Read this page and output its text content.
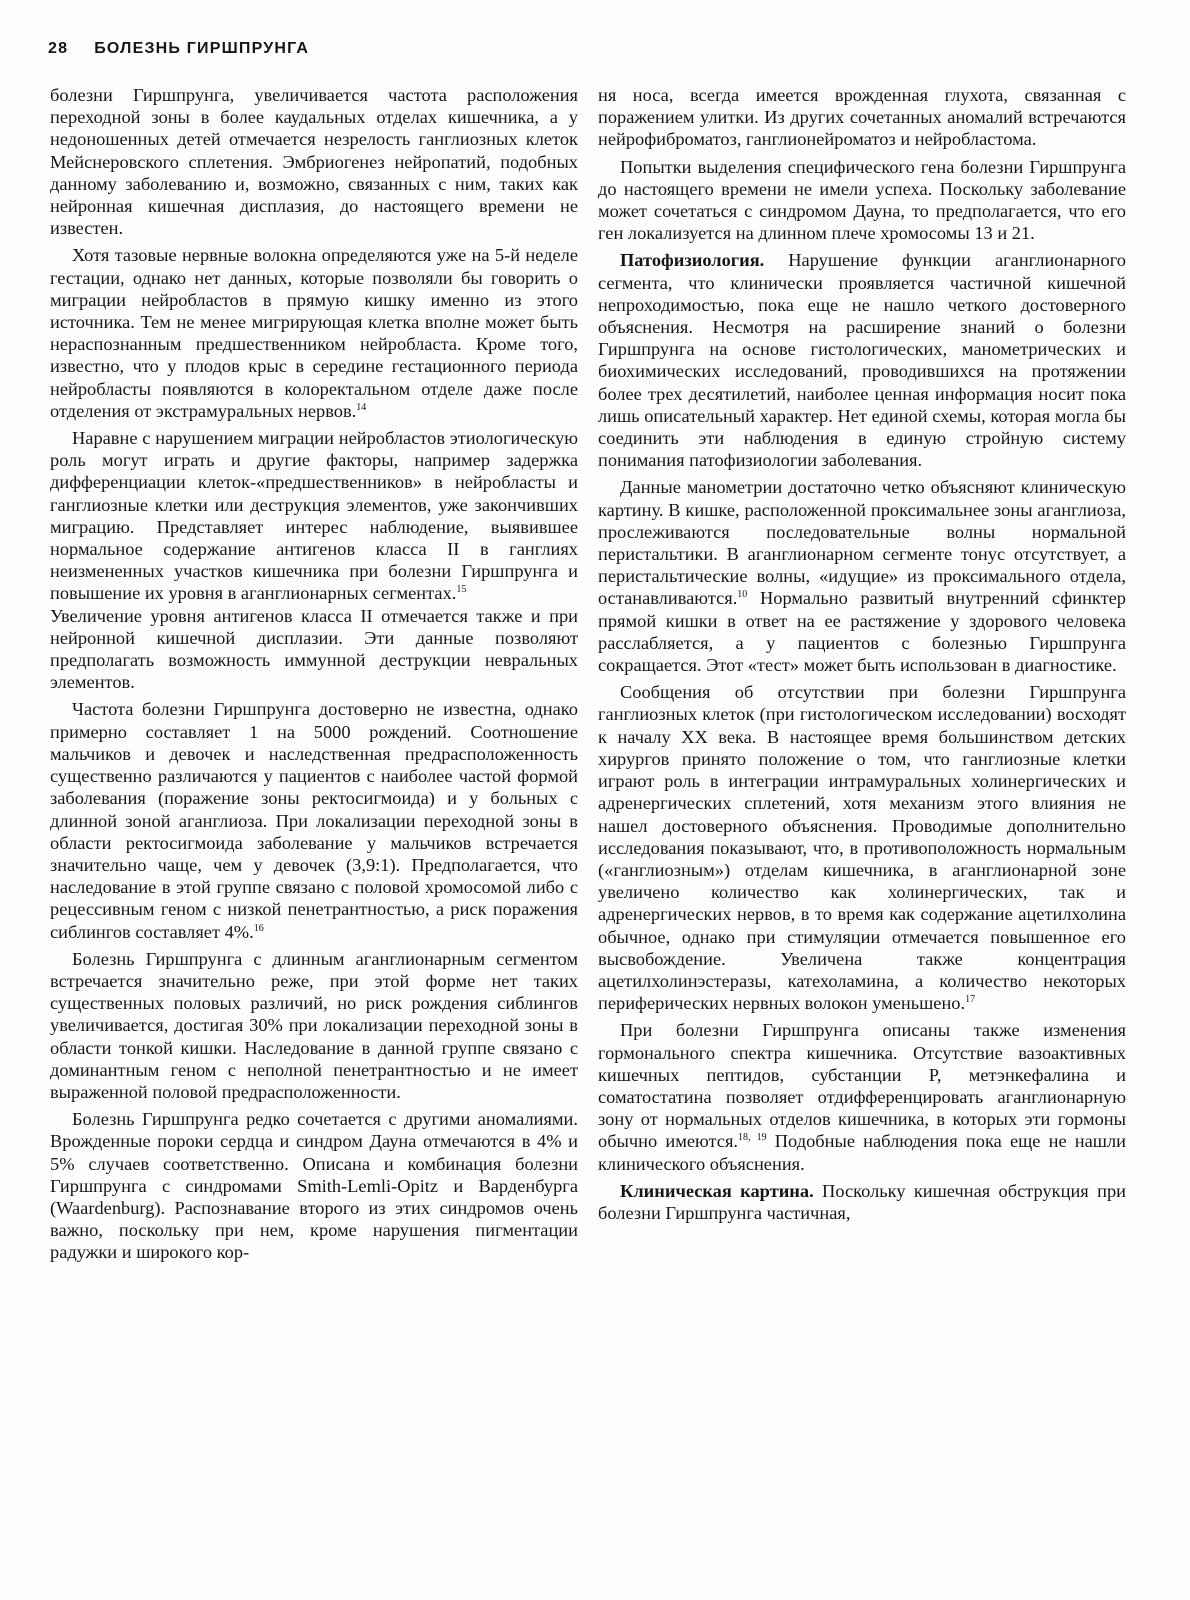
28 БОЛЕЗНЬ ГИРШПРУНГА

болезни Гиршпрунга, увеличивается частота расположения переходной зоны в более каудальных отделах кишечника, а у недоношенных детей отмечается незрелость ганглиозных клеток Мейснеровского сплетения. Эмбриогенез нейропатий, подобных данному заболеванию и, возможно, связанных с ним, таких как нейронная кишечная дисплазия, до настоящего времени не известен.

Хотя тазовые нервные волокна определяются уже на 5-й неделе гестации, однако нет данных, которые позволяли бы говорить о миграции нейробластов в прямую кишку именно из этого источника. Тем не менее мигрирующая клетка вполне может быть нераспознанным предшественником нейробласта. Кроме того, известно, что у плодов крыс в середине гестационного периода нейробласты появляются в колоректальном отделе даже после отделения от экстрамуральных нервов.$^{14}$

Наравне с нарушением миграции нейробластов этиологическую роль могут играть и другие факторы, например задержка дифференциации клеток-«предшественников» в нейробласты и ганглиозные клетки или деструкция элементов, уже закончивших миграцию. Представляет интерес наблюдение, выявившее нормальное содержание антигенов класса II в ганглиях неизмененных участков кишечника при болезни Гиршпрунга и повышение их уровня в аганглионарных сегментах.$^{15}$
Увеличение уровня антигенов класса II отмечается также и при нейронной кишечной дисплазии. Эти данные позволяют предполагать возможность иммунной деструкции невральных элементов.

Частота болезни Гиршпрунга достоверно не известна, однако примерно составляет 1 на 5000 рождений. Соотношение мальчиков и девочек и наследственная предрасположенность существенно различаются у пациентов с наиболее частой формой заболевания (поражение зоны ректосигмоида) и у больных с длинной зоной аганглиоза. При локализации переходной зоны в области ректосигмоида заболевание у мальчиков встречается значительно чаще, чем у девочек (3,9:1). Предполагается, что наследование в этой группе связано с половой хромосомой либо с рецессивным геном с низкой пенетрантностью, а риск поражения сиблингов составляет 4%.$^{16}$

Болезнь Гиршпрунга с длинным аганглионарным сегментом встречается значительно реже, при этой форме нет таких существенных половых различий, но риск рождения сиблингов увеличивается, достигая 30% при локализации переходной зоны в области тонкой кишки. Наследование в данной группе связано с доминантным геном с неполной пенетрантностью и не имеет выраженной половой предрасположенности.

Болезнь Гиршпрунга редко сочетается с другими аномалиями. Врожденные пороки сердца и синдром Дауна отмечаются в 4% и 5% случаев соответственно. Описана и комбинация болезни Гиршпрунга с синдромами Smith-Lemli-Opitz и Варденбурга (Waardenburg). Распознавание второго из этих синдромов очень важно, поскольку при нем, кроме нарушения пигментации радужки и широкого кор-

ня носа, всегда имеется врожденная глухота, связанная с поражением улитки. Из других сочетанных аномалий встречаются нейрофиброматоз, ганглионейроматоз и нейробластома.

Попытки выделения специфического гена болезни Гиршпрунга до настоящего времени не имели успеха. Поскольку заболевание может сочетаться с синдромом Дауна, то предполагается, что его ген локализуется на длинном плече хромосомы 13 и 21.

Патофизиология. Нарушение функции аганглионарного сегмента, что клинически проявляется частичной кишечной непроходимостью, пока еще не нашло четкого достоверного объяснения. Несмотря на расширение знаний о болезни Гиршпрунга на основе гистологических, манометрических и биохимических исследований, проводившихся на протяжении более трех десятилетий, наиболее ценная информация носит пока лишь описательный характер. Нет единой схемы, которая могла бы соединить эти наблюдения в единую стройную систему понимания патофизиологии заболевания.

Данные манометрии достаточно четко объясняют клиническую картину. В кишке, расположенной проксимальнее зоны аганглиоза, прослеживаются последовательные волны нормальной перистальтики. В аганглионарном сегменте тонус отсутствует, а перистальтические волны, «идущие» из проксимального отдела, останавливаются.$^{10}$ Нормально развитый внутренний сфинктер прямой кишки в ответ на ее растяжение у здорового человека расслабляется, а у пациентов с болезнью Гиршпрунга сокращается. Этот «тест» может быть использован в диагностике.

Сообщения об отсутствии при болезни Гиршпрунга ганглиозных клеток (при гистологическом исследовании) восходят к началу XX века. В настоящее время большинством детских хирургов принято положение о том, что ганглиозные клетки играют роль в интеграции интрамуральных холинергических и адренергических сплетений, хотя механизм этого влияния не нашел достоверного объяснения. Проводимые дополнительно исследования показывают, что, в противоположность нормальным («ганглиозным») отделам кишечника, в аганглионарной зоне увеличено количество как холинергических, так и адренергических нервов, в то время как содержание ацетилхолина обычное, однако при стимуляции отмечается повышенное его высвобождение. Увеличена также концентрация ацетилхолинэстеразы, катехоламина, а количество некоторых периферических нервных волокон уменьшено.$^{17}$

При болезни Гиршпрунга описаны также изменения гормонального спектра кишечника. Отсутствие вазоактивных кишечных пептидов, субстанции P, метэнкефалина и соматостатина позволяет отдифференцировать аганглионарную зону от нормальных отделов кишечника, в которых эти гормоны обычно имеются.$^{18, 19}$ Подобные наблюдения пока еще не нашли клинического объяснения.

Клиническая картина. Поскольку кишечная обструкция при болезни Гиршпрунга частичная,
